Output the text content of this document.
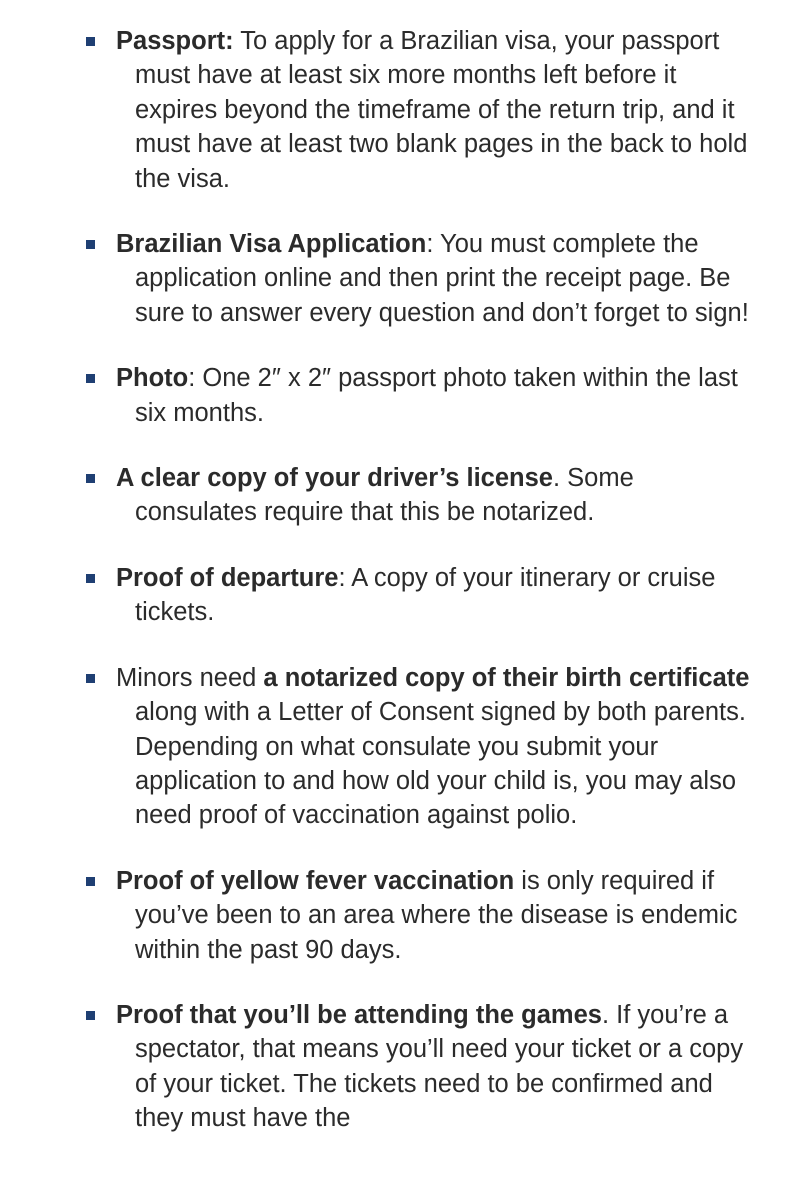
Passport: To apply for a Brazilian visa, your passport must have at least six more months left before it expires beyond the timeframe of the return trip, and it must have at least two blank pages in the back to hold the visa.
Brazilian Visa Application: You must complete the application online and then print the receipt page. Be sure to answer every question and don’t forget to sign!
Photo: One 2″ x 2″ passport photo taken within the last six months.
A clear copy of your driver’s license. Some consulates require that this be notarized.
Proof of departure: A copy of your itinerary or cruise tickets.
Minors need a notarized copy of their birth certificate along with a Letter of Consent signed by both parents. Depending on what consulate you submit your application to and how old your child is, you may also need proof of vaccination against polio.
Proof of yellow fever vaccination is only required if you’ve been to an area where the disease is endemic within the past 90 days.
Proof that you’ll be attending the games. If you’re a spectator, that means you’ll need your ticket or a copy of your ticket. The tickets need to be confirmed and they must have the
